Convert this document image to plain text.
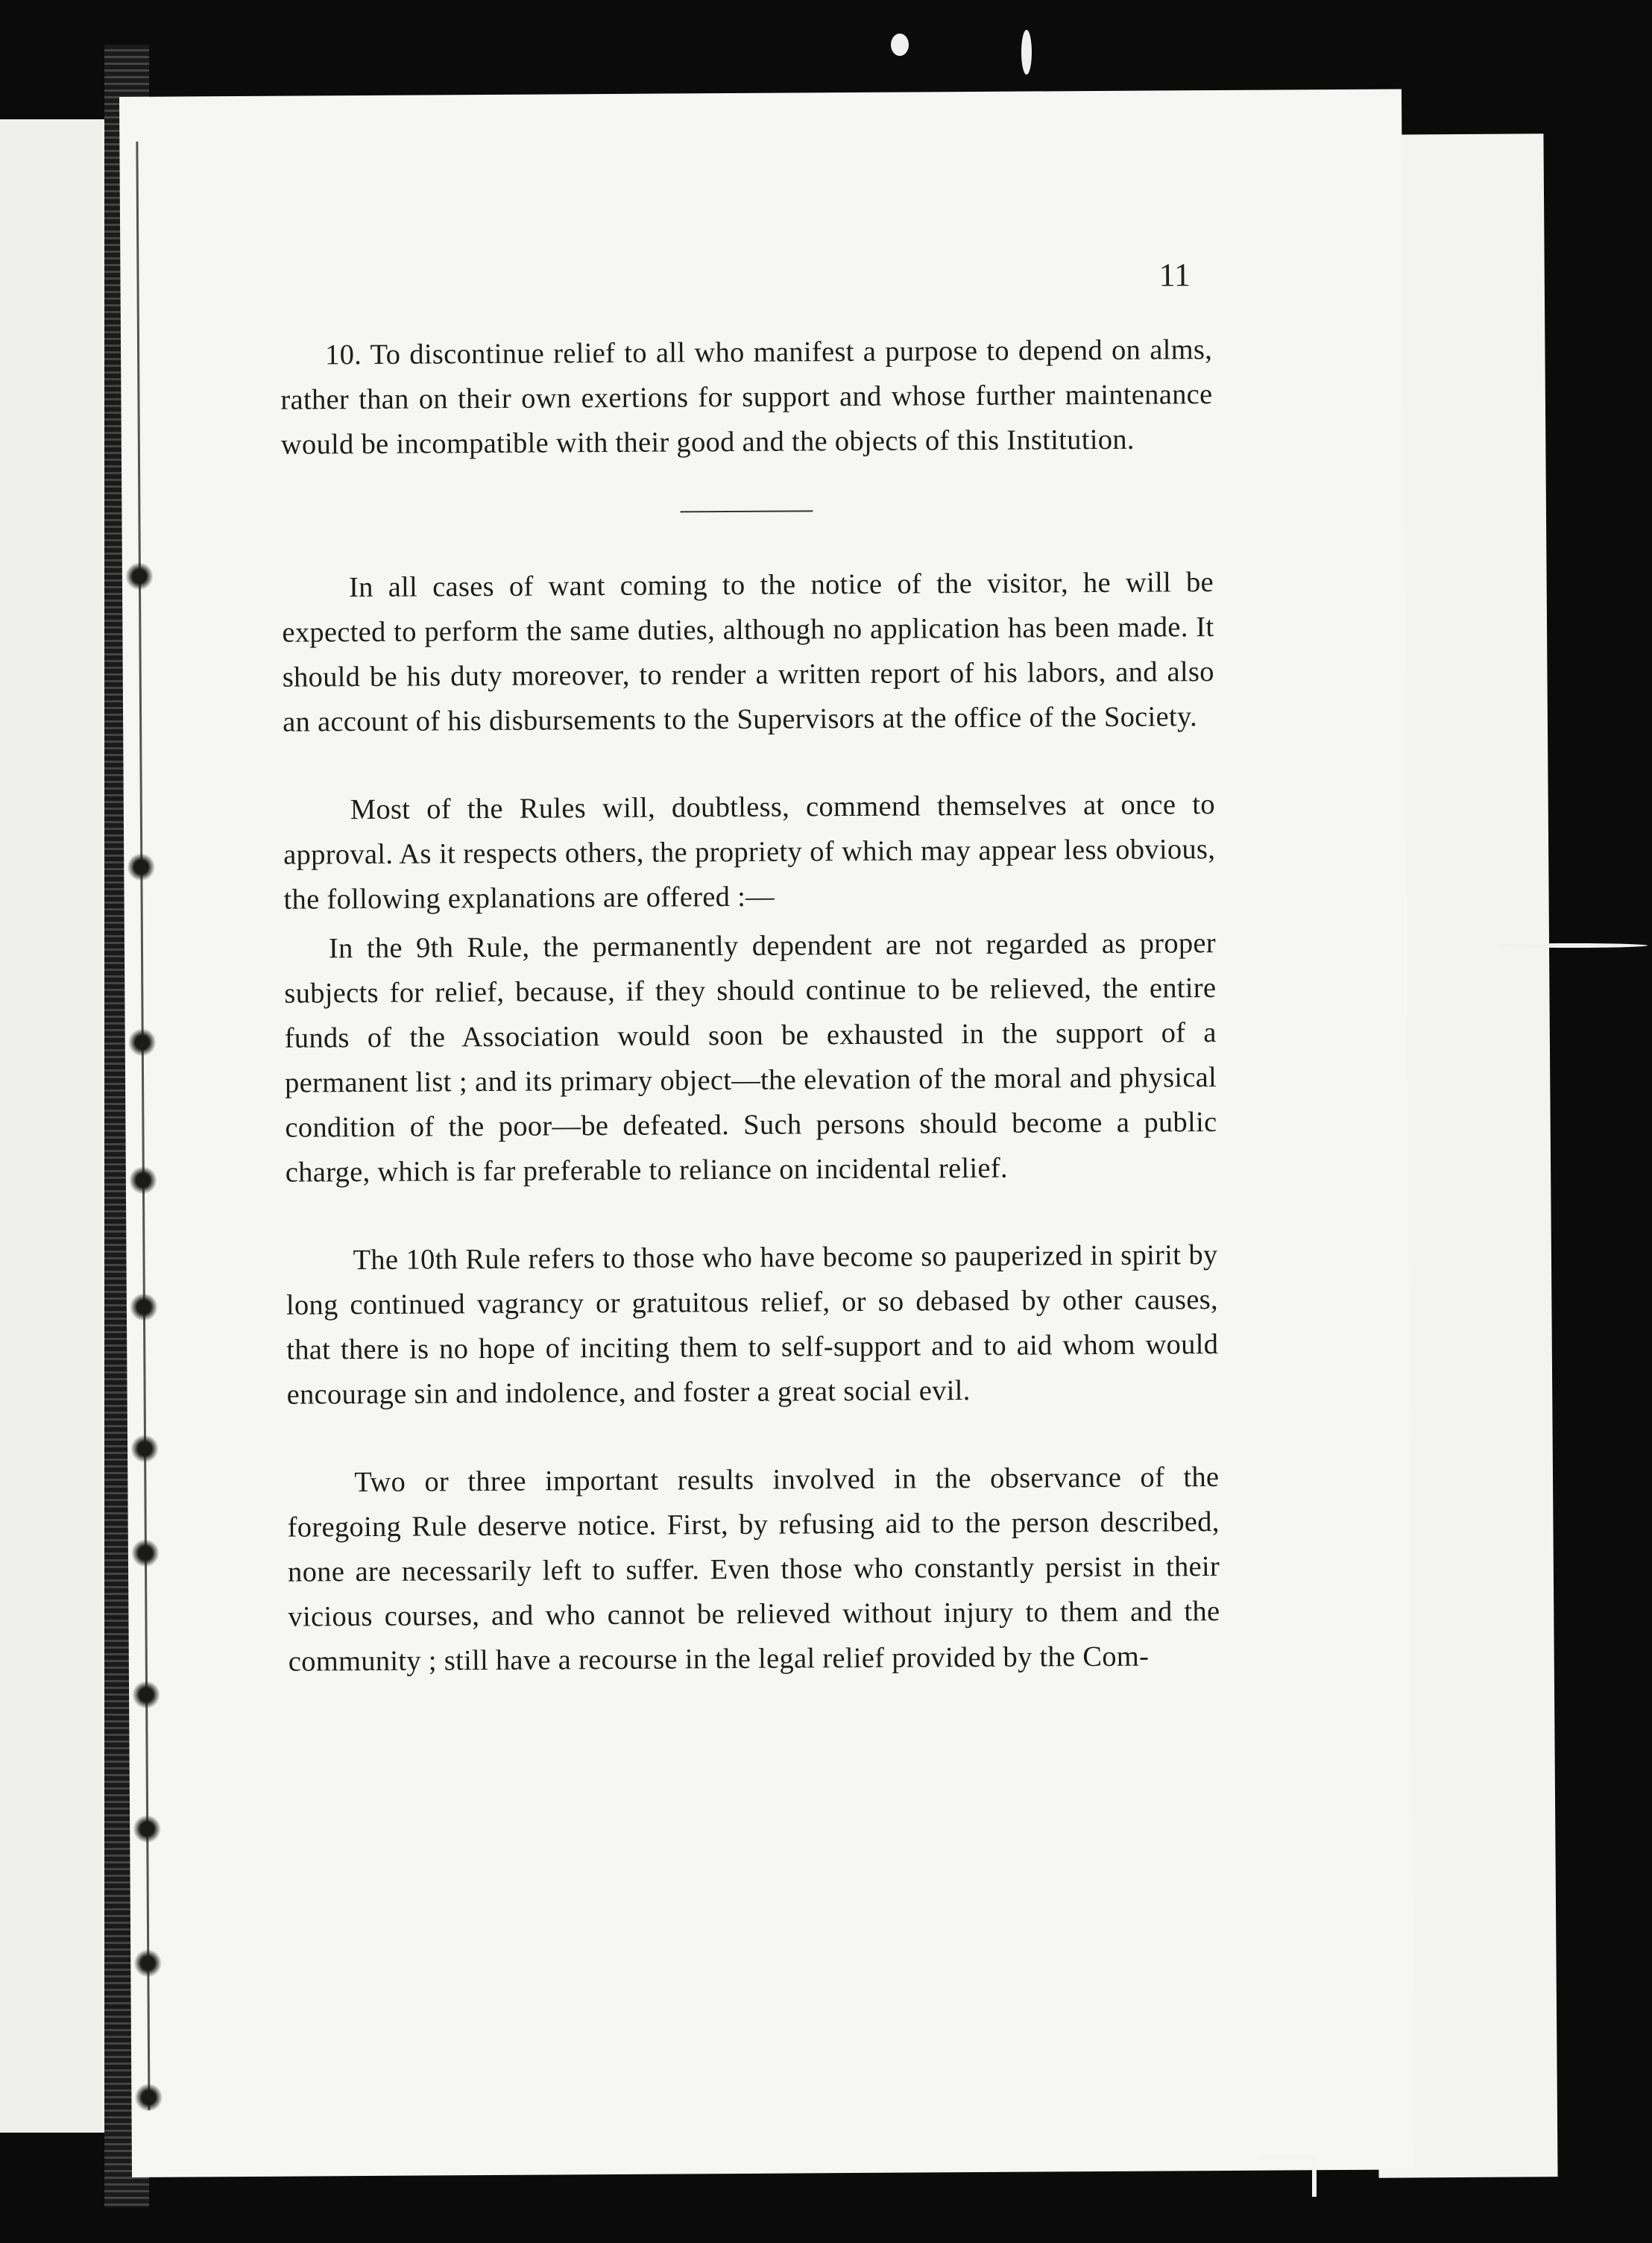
11

10. To discontinue relief to all who manifest a purpose to depend on alms, rather than on their own exertions for support and whose further maintenance would be incompatible with their good and the objects of this Institution.

In all cases of want coming to the notice of the visitor, he will be expected to perform the same duties, although no application has been made. It should be his duty moreover, to render a written report of his labors, and also an account of his disbursements to the Supervisors at the office of the Society.

Most of the Rules will, doubtless, commend themselves at once to approval. As it respects others, the propriety of which may appear less obvious, the following explanations are offered :—

In the 9th Rule, the permanently dependent are not regarded as proper subjects for relief, because, if they should continue to be relieved, the entire funds of the Association would soon be exhausted in the support of a permanent list ; and its primary object—the elevation of the moral and physical condition of the poor—be defeated. Such persons should become a public charge, which is far preferable to reliance on incidental relief.

The 10th Rule refers to those who have become so pauperized in spirit by long continued vagrancy or gratuitous relief, or so debased by other causes, that there is no hope of inciting them to self-support and to aid whom would encourage sin and indolence, and foster a great social evil.

Two or three important results involved in the observance of the foregoing Rule deserve notice. First, by refusing aid to the person described, none are necessarily left to suffer. Even those who constantly persist in their vicious courses, and who cannot be relieved without injury to them and the community ; still have a recourse in the legal relief provided by the Com-
